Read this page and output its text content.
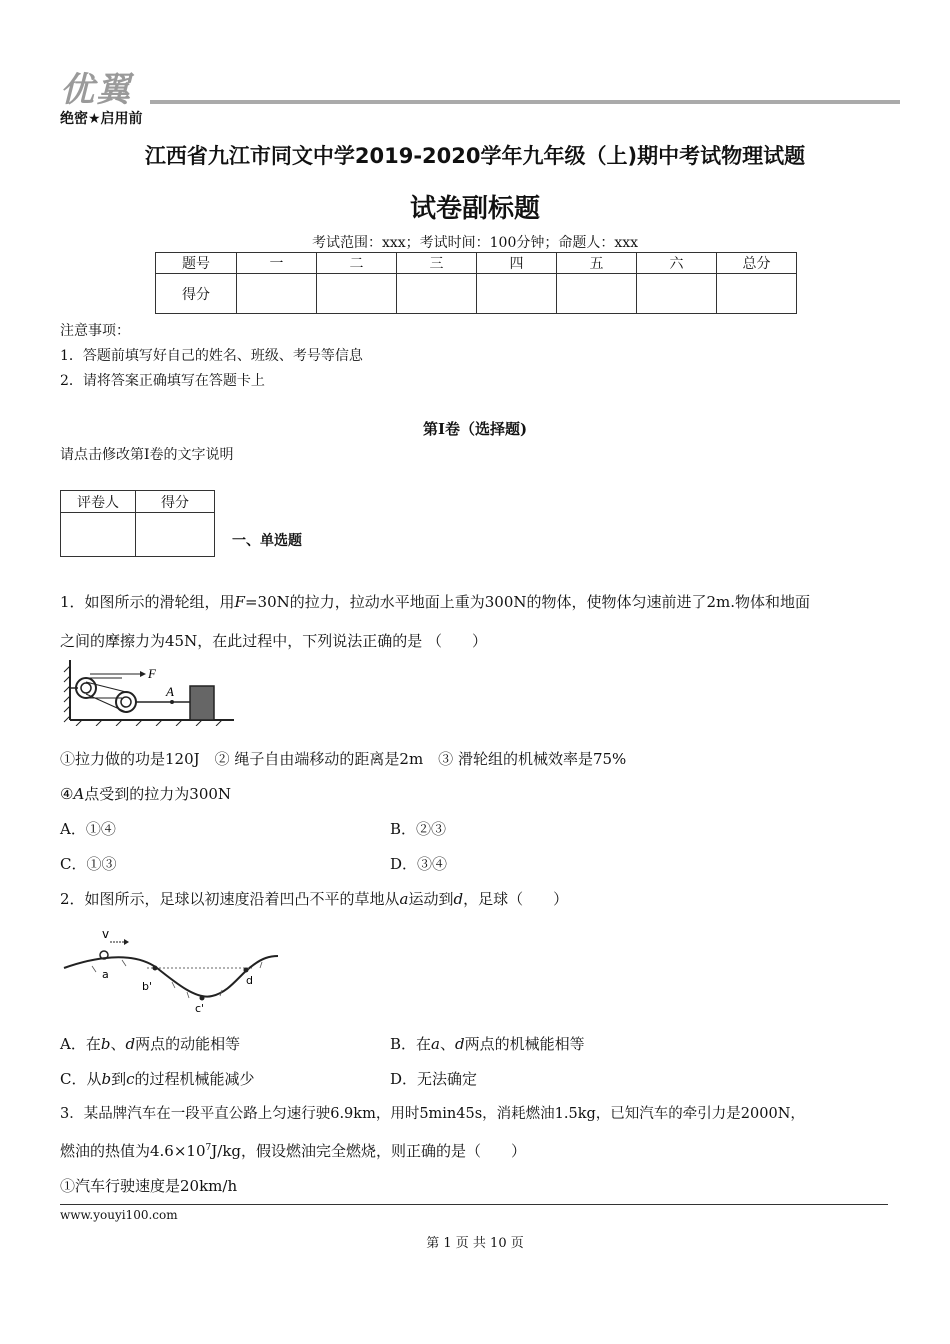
优翼
绝密★启用前
江西省九江市同文中学2019-2020学年九年级（上)期中考试物理试题
试卷副标题
考试范围：xxx；考试时间：100分钟；命题人：xxx
题号	一	二	三	四	五	六	总分
得分							
注意事项：
1．答题前填写好自己的姓名、班级、考号等信息
2．请将答案正确填写在答题卡上
第I卷（选择题)
请点击修改第I卷的文字说明
评卷人	得分

一、单选题
1．如图所示的滑轮组，用F=30N的拉力，拉动水平地面上重为300N的物体，使物体匀速前进了2m.物体和地面
之间的摩擦力为45N，在此过程中，下列说法正确的是 （　　）
F
A
①拉力做的功是120J　② 绳子自由端移动的距离是2m　③ 滑轮组的机械效率是75%
④A点受到的拉力为300N
A．①④	B．②③
C．①③	D．③④
2．如图所示，足球以初速度沿着凹凸不平的草地从a运动到d，足球（　　）
v
a
b'
c'
d
A．在b、d两点的动能相等	B．在a、d两点的机械能相等
C．从b到c的过程机械能减少	D．无法确定
3．某品牌汽车在一段平直公路上匀速行驶6.9km，用时5min45s，消耗燃油1.5kg，已知汽车的牵引力是2000N，
燃油的热值为$4.6\times 10^7J/kg$，假设燃油完全燃烧，则正确的是（　　）
①汽车行驶速度是20km/h
www.youyi100.com
第 1 页 共 10 页
